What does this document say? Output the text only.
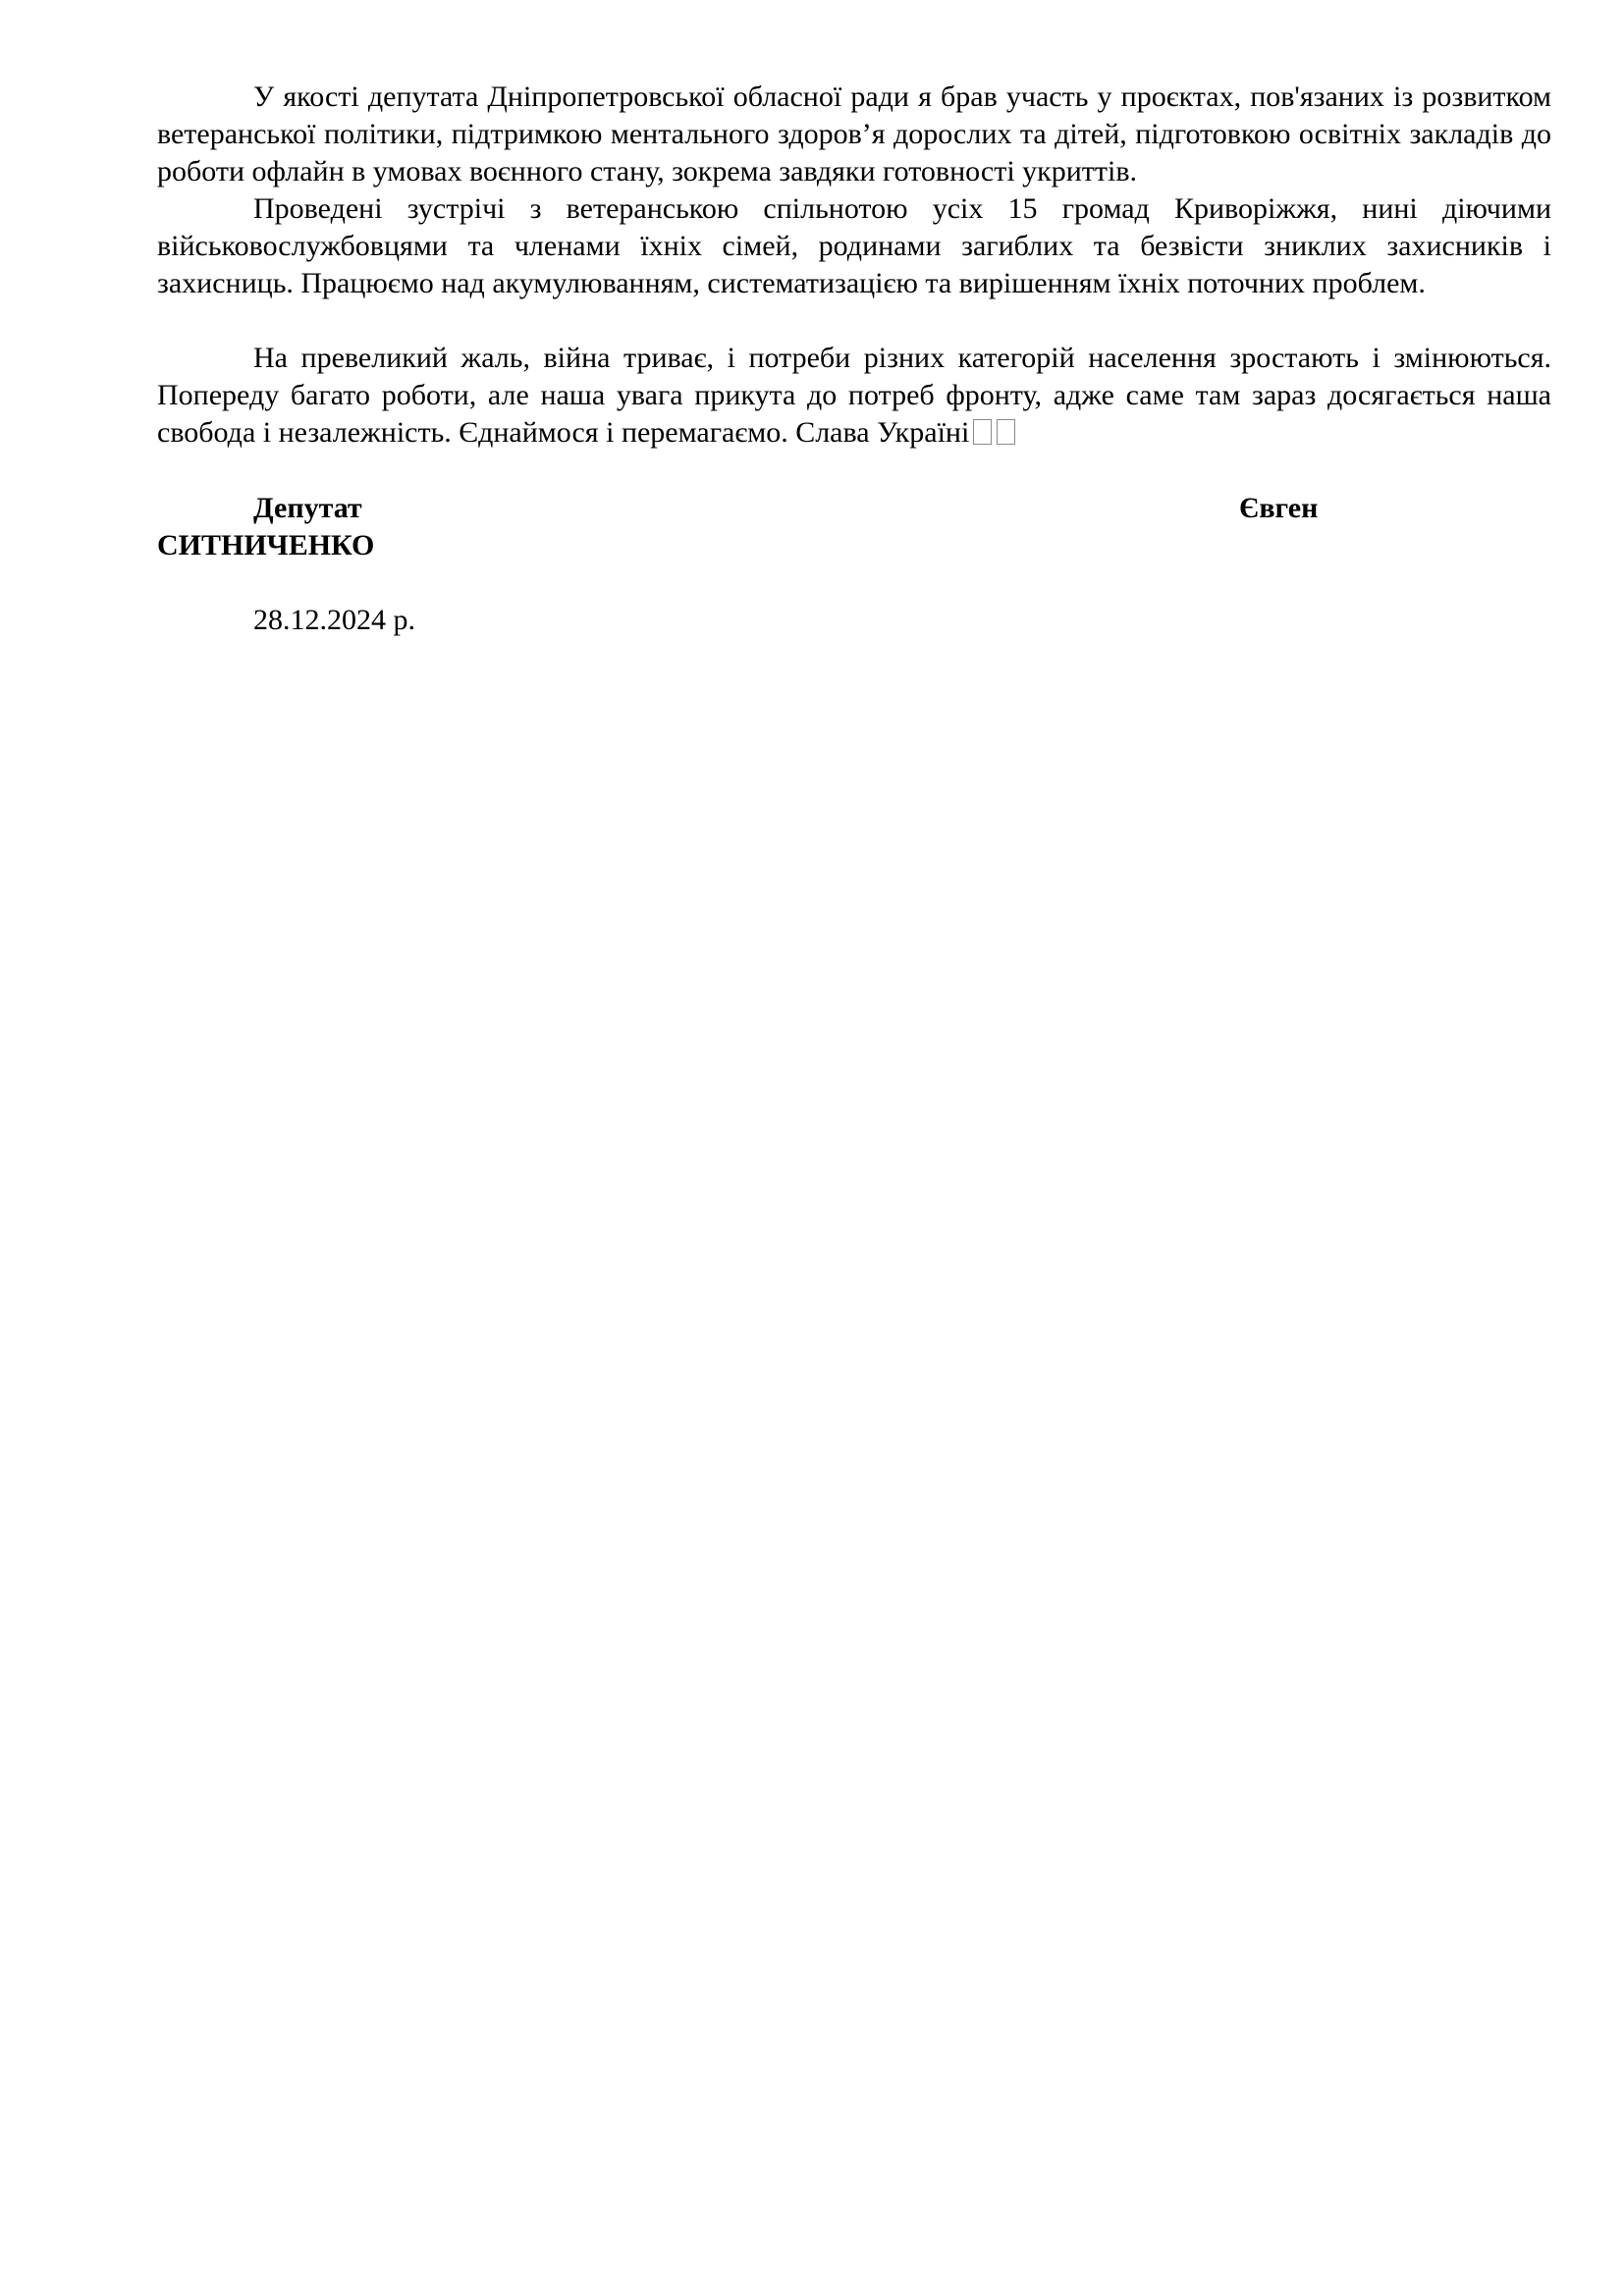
У якості депутата Дніпропетровської обласної ради я брав участь у проєктах, пов'язаних із розвитком ветеранської політики, підтримкою ментального здоров’я дорослих та дітей, підготовкою освітніх закладів до роботи офлайн в умовах воєнного стану, зокрема завдяки готовності укриттів.

Проведені зустрічі з ветеранською спільнотою усіх 15 громад Криворіжжя, нині діючими військовослужбовцями та членами їхніх сімей, родинами загиблих та безвісти зниклих захисників і захисниць. Працюємо над акумулюванням, систематизацією та вирішенням їхніх поточних проблем.

На превеликий жаль, війна триває, і потреби різних категорій населення зростають і змінюються. Попереду багато роботи, але наша увага прикута до потреб фронту, адже саме там зараз досягається наша свобода і незалежність. Єднаймося і перемагаємо. Слава Україні

Депутат	Євген
СИТНИЧЕНКО
28.12.2024 р.
